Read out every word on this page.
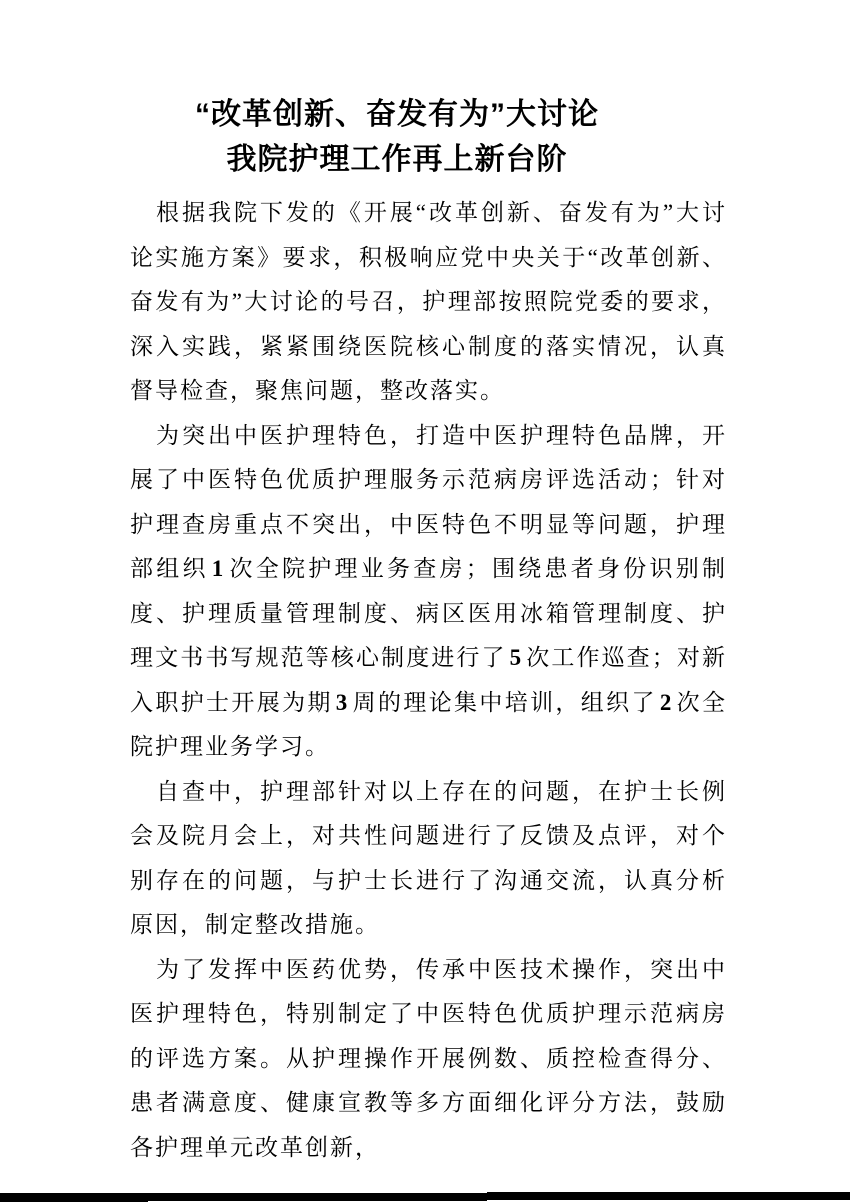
“改革创新、奋发有为”大讨论
我院护理工作再上新台阶

根据我院下发的《开展“改革创新、奋发有为”大讨论实施方案》要求，积极响应党中央关于“改革创新、奋发有为”大讨论的号召，护理部按照院党委的要求，深入实践，紧紧围绕医院核心制度的落实情况，认真督导检查，聚焦问题，整改落实。

为突出中医护理特色，打造中医护理特色品牌，开展了中医特色优质护理服务示范病房评选活动；针对护理查房重点不突出，中医特色不明显等问题，护理部组织 1 次全院护理业务查房；围绕患者身份识别制度、护理质量管理制度、病区医用冰箱管理制度、护理文书书写规范等核心制度进行了 5 次工作巡查；对新入职护士开展为期 3 周的理论集中培训，组织了 2 次全院护理业务学习。

自查中，护理部针对以上存在的问题，在护士长例会及院月会上，对共性问题进行了反馈及点评，对个别存在的问题，与护士长进行了沟通交流，认真分析原因，制定整改措施。

为了发挥中医药优势，传承中医技术操作，突出中医护理特色，特别制定了中医特色优质护理示范病房的评选方案。从护理操作开展例数、质控检查得分、患者满意度、健康宣教等多方面细化评分方法，鼓励各护理单元改革创新，
